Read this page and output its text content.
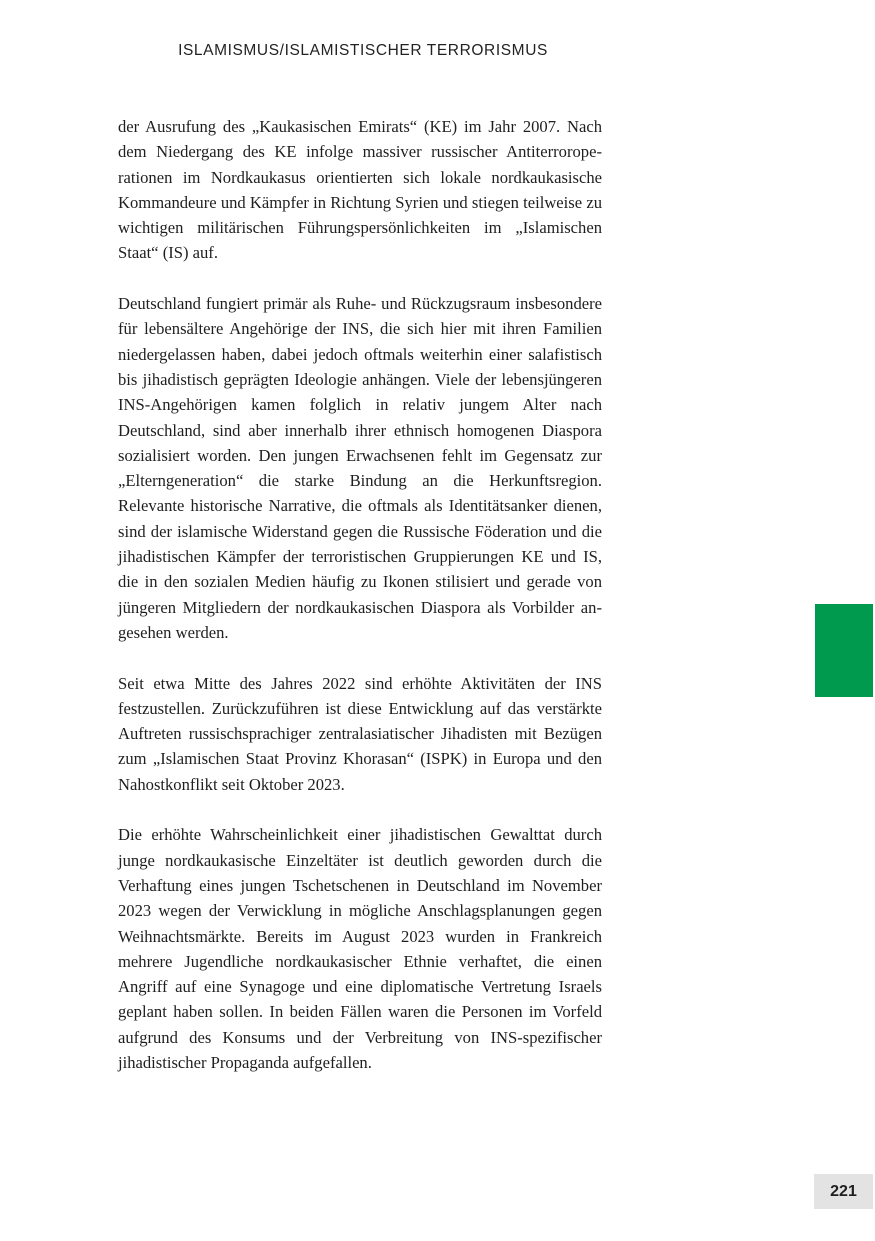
ISLAMISMUS/ISLAMISTISCHER TERRORISMUS

der Ausrufung des „Kaukasischen Emirats“ (KE) im Jahr 2007. Nach dem Niedergang des KE infolge massiver russischer Antiterroroperationen im Nordkaukasus orientierten sich lokale nordkaukasische Kommandeure und Kämpfer in Richtung Syrien und stiegen teilweise zu wichtigen militärischen Führungspersönlichkeiten im „Islamischen Staat“ (IS) auf.

Deutschland fungiert primär als Ruhe- und Rückzugsraum insbesondere für lebensältere Angehörige der INS, die sich hier mit ihren Familien niedergelassen haben, dabei jedoch oftmals weiterhin einer salafistisch bis jihadistisch geprägten Ideologie anhängen. Viele der lebensjüngeren INS-Angehörigen kamen folglich in relativ jungem Alter nach Deutschland, sind aber innerhalb ihrer ethnisch homogenen Diaspora sozialisiert worden. Den jungen Erwachsenen fehlt im Gegensatz zur „Elterngeneration“ die starke Bindung an die Herkunftsregion. Relevante historische Narrative, die oftmals als Identitätsanker dienen, sind der islamische Widerstand gegen die Russische Föderation und die jihadistischen Kämpfer der terroristischen Gruppierungen KE und IS, die in den sozialen Medien häufig zu Ikonen stilisiert und gerade von jüngeren Mitgliedern der nordkaukasischen Diaspora als Vorbilder angesehen werden.

Seit etwa Mitte des Jahres 2022 sind erhöhte Aktivitäten der INS festzustellen. Zurückzuführen ist diese Entwicklung auf das verstärkte Auftreten russischsprachiger zentralasiatischer Jihadisten mit Bezügen zum „Islamischen Staat Provinz Khorasan“ (ISPK) in Europa und den Nahostkonflikt seit Oktober 2023.

Die erhöhte Wahrscheinlichkeit einer jihadistischen Gewalttat durch junge nordkaukasische Einzeltäter ist deutlich geworden durch die Verhaftung eines jungen Tschetschenen in Deutschland im November 2023 wegen der Verwicklung in mögliche Anschlagsplanungen gegen Weihnachtsmärkte. Bereits im August 2023 wurden in Frankreich mehrere Jugendliche nordkaukasischer Ethnie verhaftet, die einen Angriff auf eine Synagoge und eine diplomatische Vertretung Israels geplant haben sollen. In beiden Fällen waren die Personen im Vorfeld aufgrund des Konsums und der Verbreitung von INS-spezifischer jihadistischer Propaganda aufgefallen.

221
